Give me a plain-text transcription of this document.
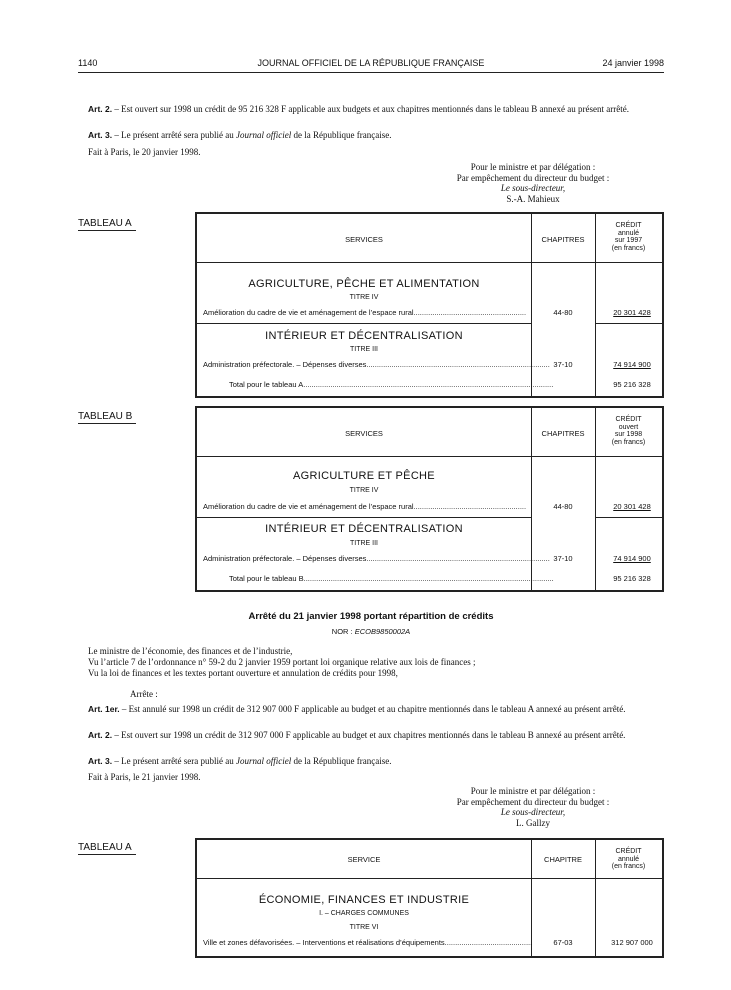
1140	JOURNAL OFFICIEL DE LA RÉPUBLIQUE FRANÇAISE	24 janvier 1998
Art. 2. – Est ouvert sur 1998 un crédit de 95 216 328 F applicable aux budgets et aux chapitres mentionnés dans le tableau B annexé au présent arrêté.
Art. 3. – Le présent arrêté sera publié au Journal officiel de la République française.
Fait à Paris, le 20 janvier 1998.
Pour le ministre et par délégation :
Par empêchement du directeur du budget :
Le sous-directeur,
S.-A. Mahieux
TABLEAU A
SERVICES	CHAPITRES
CRÉDIT
annulé
sur 1997
(en francs)
AGRICULTURE, PÊCHE ET ALIMENTATION
TITRE IV
Amélioration du cadre de vie et aménagement de l’espace rural......................................................	44-80	20 301 428
INTÉRIEUR ET DÉCENTRALISATION
TITRE III
Administration préfectorale. – Dépenses diverses........................................................................................ 37-10	74 914 900
Total pour le tableau A........................................................................................................................	95 216 328
TABLEAU B
SERVICES	CHAPITRES
CRÉDIT
ouvert
sur 1998
(en francs)
AGRICULTURE ET PÊCHE
TITRE IV
Amélioration du cadre de vie et aménagement de l’espace rural......................................................	44-80	20 301 428
INTÉRIEUR ET DÉCENTRALISATION
TITRE III
Administration préfectorale. – Dépenses diverses........................................................................................ 37-10	74 914 900
Total pour le tableau B........................................................................................................................	95 216 328
Arrêté du 21 janvier 1998 portant répartition de crédits
NOR : ECOB9850002A
Le ministre de l’économie, des finances et de l’industrie,
Vu l’article 7 de l’ordonnance n° 59-2 du 2 janvier 1959 portant loi organique relative aux lois de finances ;
Vu la loi de finances et les textes portant ouverture et annulation de crédits pour 1998,
Arrête :
Art. 1er. – Est annulé sur 1998 un crédit de 312 907 000 F applicable au budget et au chapitre mentionnés dans le tableau A annexé au présent arrêté.
Art. 2. – Est ouvert sur 1998 un crédit de 312 907 000 F applicable au budget et aux chapitres mentionnés dans le tableau B annexé au présent arrêté.
Art. 3. – Le présent arrêté sera publié au Journal officiel de la République française.
Fait à Paris, le 21 janvier 1998.
Pour le ministre et par délégation :
Par empêchement du directeur du budget :
Le sous-directeur,
L. Gallzy
TABLEAU A
SERVICE	CHAPITRE
CRÉDIT
annulé
(en francs)
ÉCONOMIE, FINANCES ET INDUSTRIE
I. – CHARGES COMMUNES
TITRE VI
Ville et zones défavorisées. – Interventions et réalisations d’équipements..........................................	67-03	312 907 000
